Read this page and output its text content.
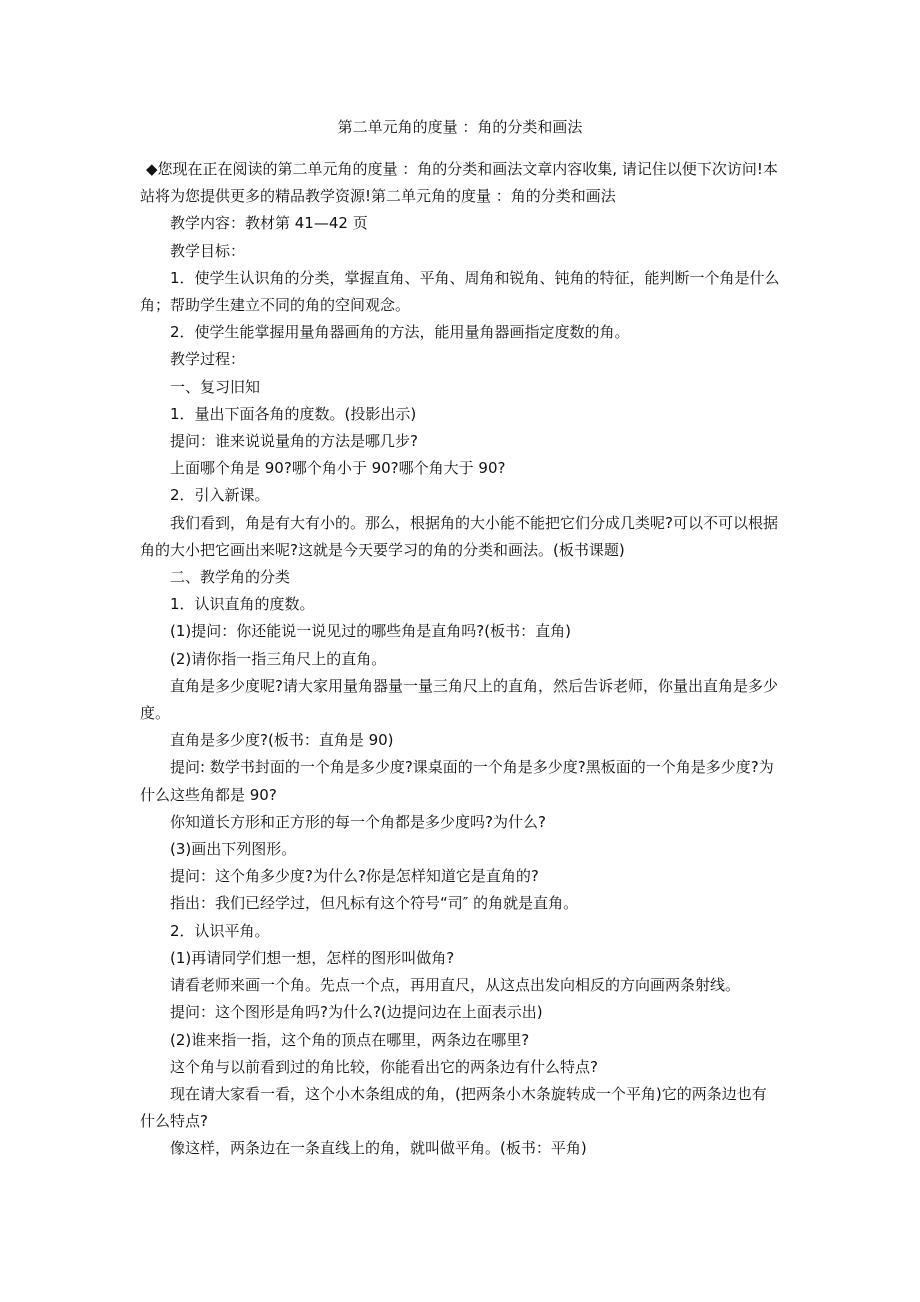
第二单元角的度量 ：角的分类和画法

◆您现在正在阅读的第二单元角的度量 ：角的分类和画法文章内容收集, 请记住以便下次访问!本站将为您提供更多的精品教学资源!第二单元角的度量 ：角的分类和画法

教学内容：教材第 41—42 页

教学目标：

1．使学生认识角的分类，掌握直角、平角、周角和锐角、钝角的特征，能判断一个角是什么角；帮助学生建立不同的角的空间观念。

2．使学生能掌握用量角器画角的方法，能用量角器画指定度数的角。

教学过程：

一、复习旧知

1．量出下面各角的度数。(投影出示)

提问：谁来说说量角的方法是哪几步?

上面哪个角是 90?哪个角小于 90?哪个角大于 90?

2．引入新课。

我们看到，角是有大有小的。那么，根据角的大小能不能把它们分成几类呢?可以不可以根据角的大小把它画出来呢?这就是今天要学习的角的分类和画法。(板书课题)

二、教学角的分类

1．认识直角的度数。

(1)提问：你还能说一说见过的哪些角是直角吗?(板书：直角)

(2)请你指一指三角尺上的直角。

直角是多少度呢?请大家用量角器量一量三角尺上的直角，然后告诉老师，你量出直角是多少度。

直角是多少度?(板书：直角是 90)

提问: 数学书封面的一个角是多少度?课桌面的一个角是多少度?黑板面的一个角是多少度?为什么这些角都是 90?

你知道长方形和正方形的每一个角都是多少度吗?为什么?

(3)画出下列图形。

提问：这个角多少度?为什么?你是怎样知道它是直角的?

指出：我们已经学过，但凡标有这个符号“司″ 的角就是直角。

2．认识平角。

(1)再请同学们想一想，怎样的图形叫做角?

请看老师来画一个角。先点一个点，再用直尺，从这点出发向相反的方向画两条射线。

提问：这个图形是角吗?为什么?(边提问边在上面表示出)

(2)谁来指一指，这个角的顶点在哪里，两条边在哪里?

这个角与以前看到过的角比较，你能看出它的两条边有什么特点?

现在请大家看一看，这个小木条组成的角，(把两条小木条旋转成一个平角)它的两条边也有什么特点?

像这样，两条边在一条直线上的角，就叫做平角。(板书：平角)
